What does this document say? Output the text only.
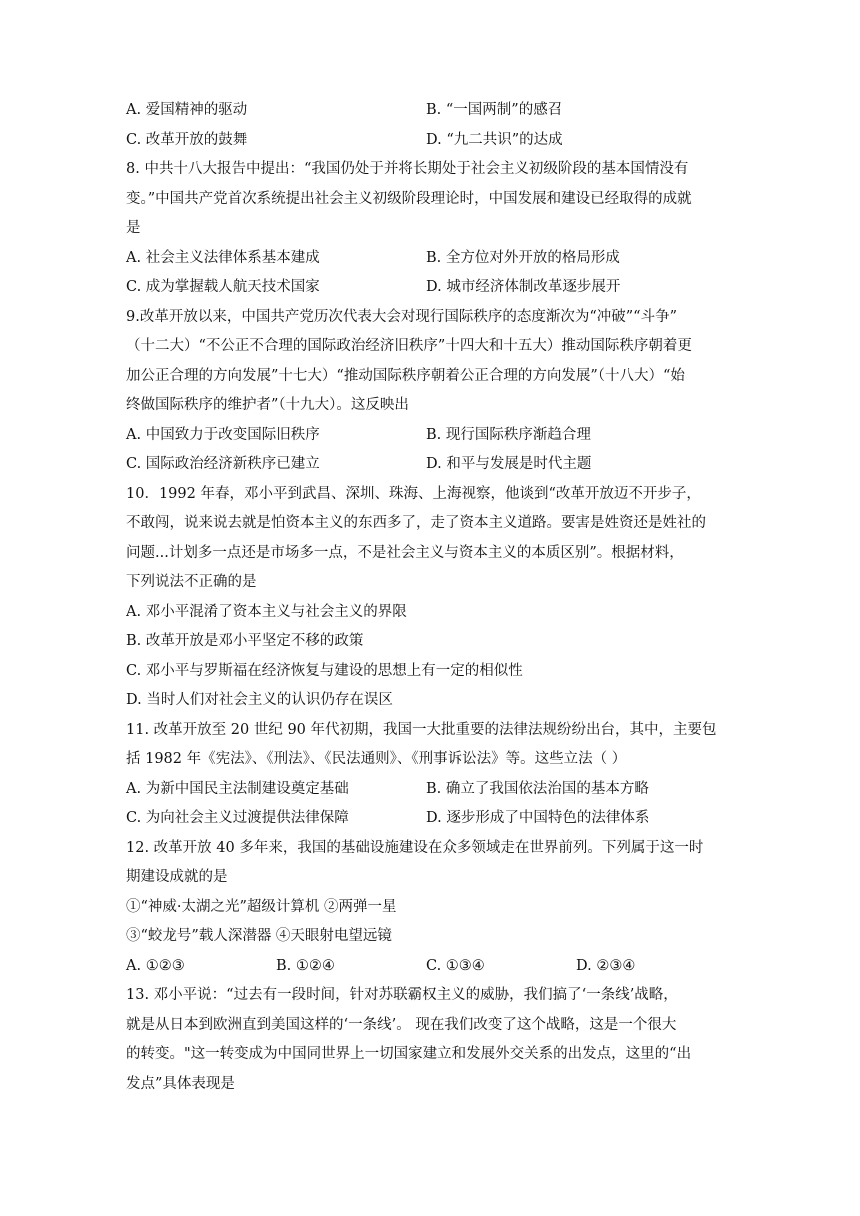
A. 爱国精神的驱动	B. “一国两制”的感召
C. 改革开放的鼓舞	D. “九二共识”的达成
8. 中共十八大报告中提出：“我国仍处于并将长期处于社会主义初级阶段的基本国情没有
变。”中国共产党首次系统提出社会主义初级阶段理论时，中国发展和建设已经取得的成就
是
A. 社会主义法律体系基本建成	B. 全方位对外开放的格局形成
C. 成为掌握载人航天技术国家	D. 城市经济体制改革逐步展开
9.改革开放以来，中国共产党历次代表大会对现行国际秩序的态度渐次为“冲破”“斗争”
（十二大）“不公正不合理的国际政治经济旧秩序”十四大和十五大）推动国际秩序朝着更
加公正合理的方向发展”十七大）“推动国际秩序朝着公正合理的方向发展”（十八大）“始
终做国际秩序的维护者”（十九大）。这反映出
A. 中国致力于改变国际旧秩序	B. 现行国际秩序渐趋合理
C. 国际政治经济新秩序已建立	D. 和平与发展是时代主题
10．1992 年春，邓小平到武昌、深圳、珠海、上海视察，他谈到“改革开放迈不开步子，
不敢闯，说来说去就是怕资本主义的东西多了，走了资本主义道路。要害是姓资还是姓社的
问题...计划多一点还是市场多一点，不是社会主义与资本主义的本质区别”。根据材料，
下列说法不正确的是
A. 邓小平混淆了资本主义与社会主义的界限
B. 改革开放是邓小平坚定不移的政策
C. 邓小平与罗斯福在经济恢复与建设的思想上有一定的相似性
D. 当时人们对社会主义的认识仍存在误区
11. 改革开放至 20 世纪 90 年代初期，我国一大批重要的法律法规纷纷出台，其中，主要包
括 1982 年《宪法》、《刑法》、《民法通则》、《刑事诉讼法》等。这些立法（ ）
A. 为新中国民主法制建设奠定基础	B. 确立了我国依法治国的基本方略
C. 为向社会主义过渡提供法律保障	D. 逐步形成了中国特色的法律体系
12. 改革开放 40 多年来，我国的基础设施建设在众多领域走在世界前列。下列属于这一时
期建设成就的是
①“神威·太湖之光”超级计算机 ②两弹一星
③“蛟龙号”载人深潜器 ④天眼射电望远镜
A. ①②③	B. ①②④	C. ①③④	D. ②③④
13. 邓小平说：“过去有一段时间，针对苏联霸权主义的威胁，我们搞了‘一条线’战略，
就是从日本到欧洲直到美国这样的‘一条线’。 现在我们改变了这个战略，这是一个很大
的转变。"这一转变成为中国同世界上一切国家建立和发展外交关系的出发点，这里的“出
发点”具体表现是
